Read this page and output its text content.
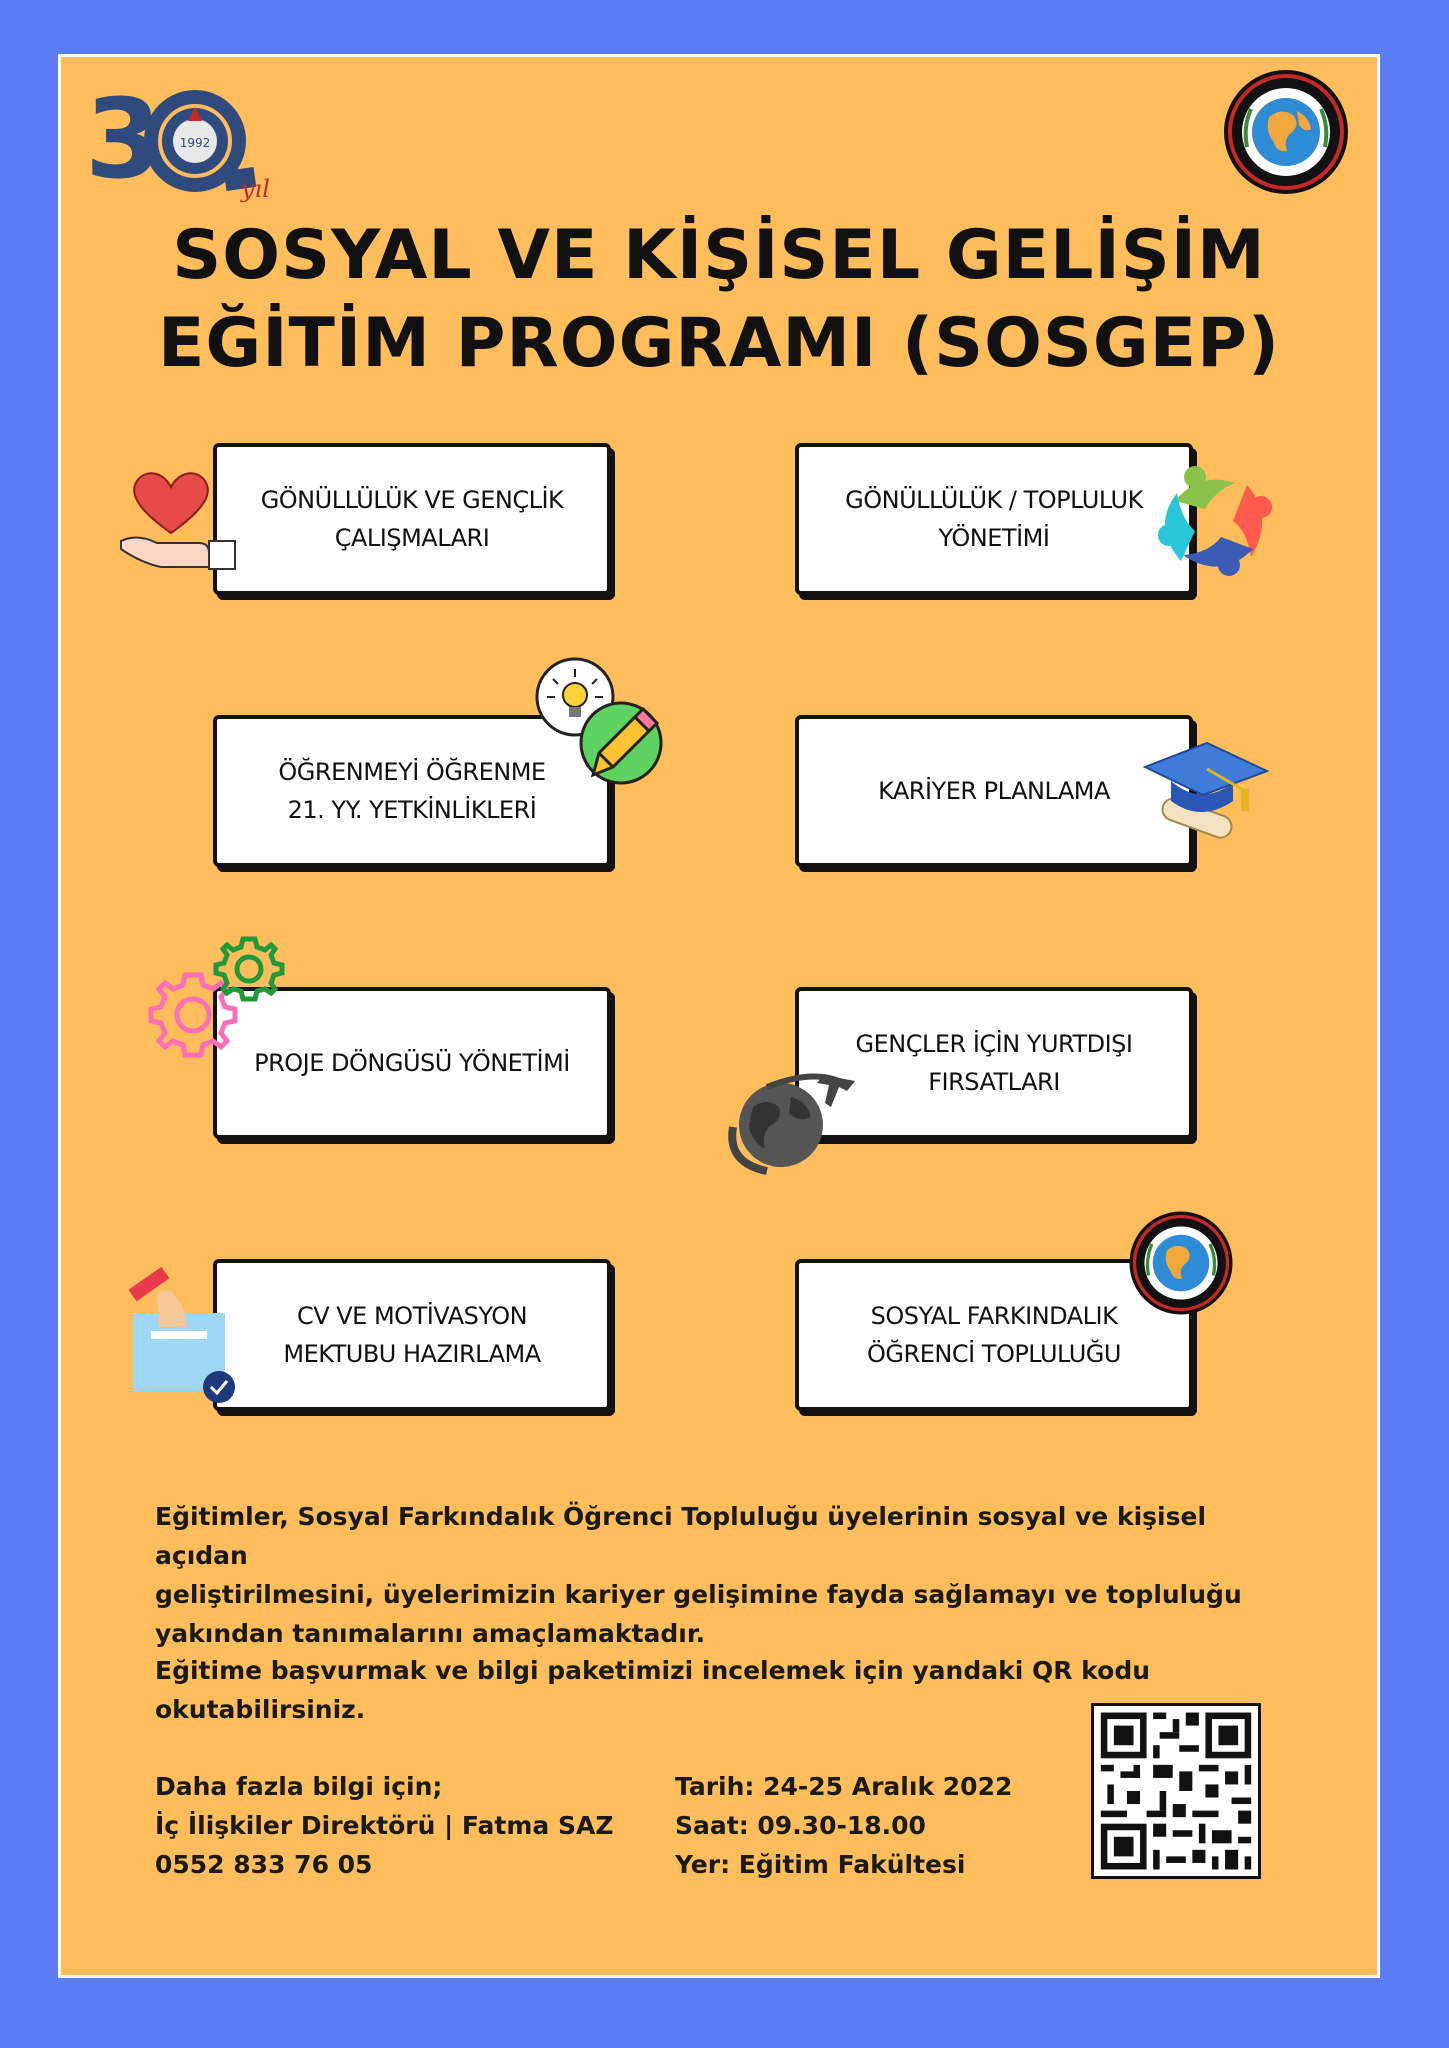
3 1992
yıl
SOSYAL VE KİŞİSEL GELİŞİM
EĞİTİM PROGRAMI (SOSGEP)
GÖNÜLLÜLÜK VE GENÇLİK
ÇALIŞMALARI
GÖNÜLLÜLÜK / TOPLULUK
YÖNETİMİ
ÖĞRENMEYİ ÖĞRENME
21. YY. YETKİNLİKLERİ
KARİYER PLANLAMA
PROJE DÖNGÜSÜ YÖNETİMİ
GENÇLER İÇİN YURTDIŞI
FIRSATLARI
CV VE MOTİVASYON
MEKTUBU HAZIRLAMA
SOSYAL FARKINDALIK
ÖĞRENCİ TOPLULUĞU
Eğitimler, Sosyal Farkındalık Öğrenci Topluluğu üyelerinin sosyal ve kişisel açıdan
geliştirilmesini, üyelerimizin kariyer gelişimine fayda sağlamayı ve topluluğu
yakından tanımalarını amaçlamaktadır.
Eğitime başvurmak ve bilgi paketimizi incelemek için yandaki QR kodu
okutabilirsiniz.
Daha fazla bilgi için;
İç İlişkiler Direktörü | Fatma SAZ
0552 833 76 05
Tarih: 24-25 Aralık 2022
Saat: 09.30-18.00
Yer: Eğitim Fakültesi
